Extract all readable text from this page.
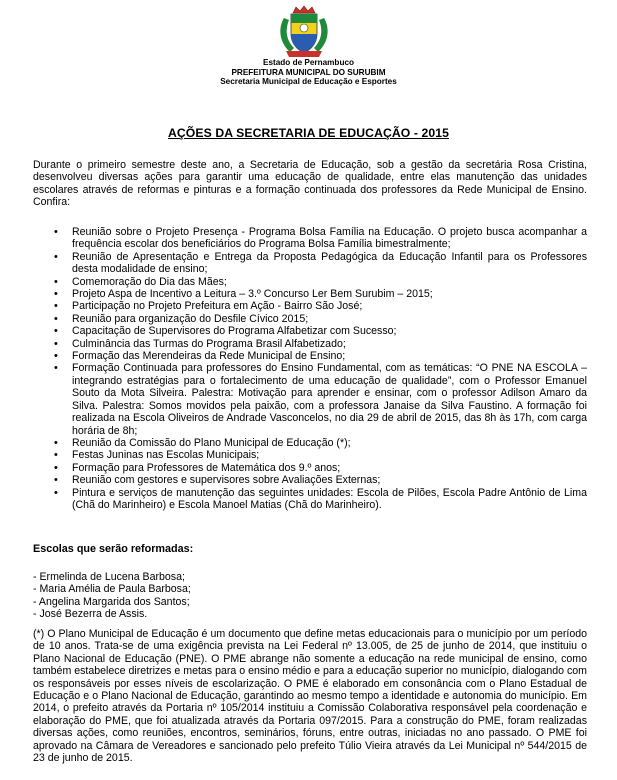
Estado de Pernambuco
PREFEITURA MUNICIPAL DO SURUBIM
Secretaria Municipal de Educação e Esportes
AÇÕES DA SECRETARIA DE EDUCAÇÃO - 2015
Durante o primeiro semestre deste ano, a Secretaria de Educação, sob a gestão da secretária Rosa Cristina, desenvolveu diversas ações para garantir uma educação de qualidade, entre elas manutenção das unidades escolares através de reformas e pinturas e a formação continuada dos professores da Rede Municipal de Ensino. Confira:
• Reunião sobre o Projeto Presença - Programa Bolsa Família na Educação. O projeto busca acompanhar a frequência escolar dos beneficiários do Programa Bolsa Família bimestralmente;
• Reunião de Apresentação e Entrega da Proposta Pedagógica da Educação Infantil para os Professores desta modalidade de ensino;
• Comemoração do Dia das Mães;
• Projeto Aspa de Incentivo a Leitura – 3.º Concurso Ler Bem Surubim – 2015;
• Participação no Projeto Prefeitura em Ação - Bairro São José;
• Reunião para organização do Desfile Cívico 2015;
• Capacitação de Supervisores do Programa Alfabetizar com Sucesso;
• Culminância das Turmas do Programa Brasil Alfabetizado;
• Formação das Merendeiras da Rede Municipal de Ensino;
• Formação Continuada para professores do Ensino Fundamental, com as temáticas: “O PNE NA ESCOLA – integrando estratégias para o fortalecimento de uma educação de qualidade”, com o Professor Emanuel Souto da Mota Silveira. Palestra: Motivação para aprender e ensinar, com o professor Adilson Amaro da Silva. Palestra: Somos movidos pela paixão, com a professora Janaise da Silva Faustino. A formação foi realizada na Escola Oliveiros de Andrade Vasconcelos, no dia 29 de abril de 2015, das 8h às 17h, com carga horária de 8h;
• Reunião da Comissão do Plano Municipal de Educação (*);
• Festas Juninas nas Escolas Municipais;
• Formação para Professores de Matemática dos 9.º anos;
• Reunião com gestores e supervisores sobre Avaliações Externas;
• Pintura e serviços de manutenção das seguintes unidades: Escola de Pilões, Escola Padre Antônio de Lima (Chã do Marinheiro) e Escola Manoel Matias (Chã do Marinheiro).
Escolas que serão reformadas:
- Ermelinda de Lucena Barbosa;
- Maria Amélia de Paula Barbosa;
- Angelina Margarida dos Santos;
- José Bezerra de Assis.
(*) O Plano Municipal de Educação é um documento que define metas educacionais para o município por um período de 10 anos. Trata-se de uma exigência prevista na Lei Federal nº 13.005, de 25 de junho de 2014, que instituiu o Plano Nacional de Educação (PNE). O PME abrange não somente a educação na rede municipal de ensino, como também estabelece diretrizes e metas para o ensino médio e para a educação superior no município, dialogando com os responsáveis por esses níveis de escolarização. O PME é elaborado em consonância com o Plano Estadual de Educação e o Plano Nacional de Educação, garantindo ao mesmo tempo a identidade e autonomia do município. Em 2014, o prefeito através da Portaria nº 105/2014 instituiu a Comissão Colaborativa responsável pela coordenação e elaboração do PME, que foi atualizada através da Portaria 097/2015. Para a construção do PME, foram realizadas diversas ações, como reuniões, encontros, seminários, fóruns, entre outras, iniciadas no ano passado. O PME foi aprovado na Câmara de Vereadores e sancionado pelo prefeito Túlio Vieira através da Lei Municipal nº 544/2015 de 23 de junho de 2015.
